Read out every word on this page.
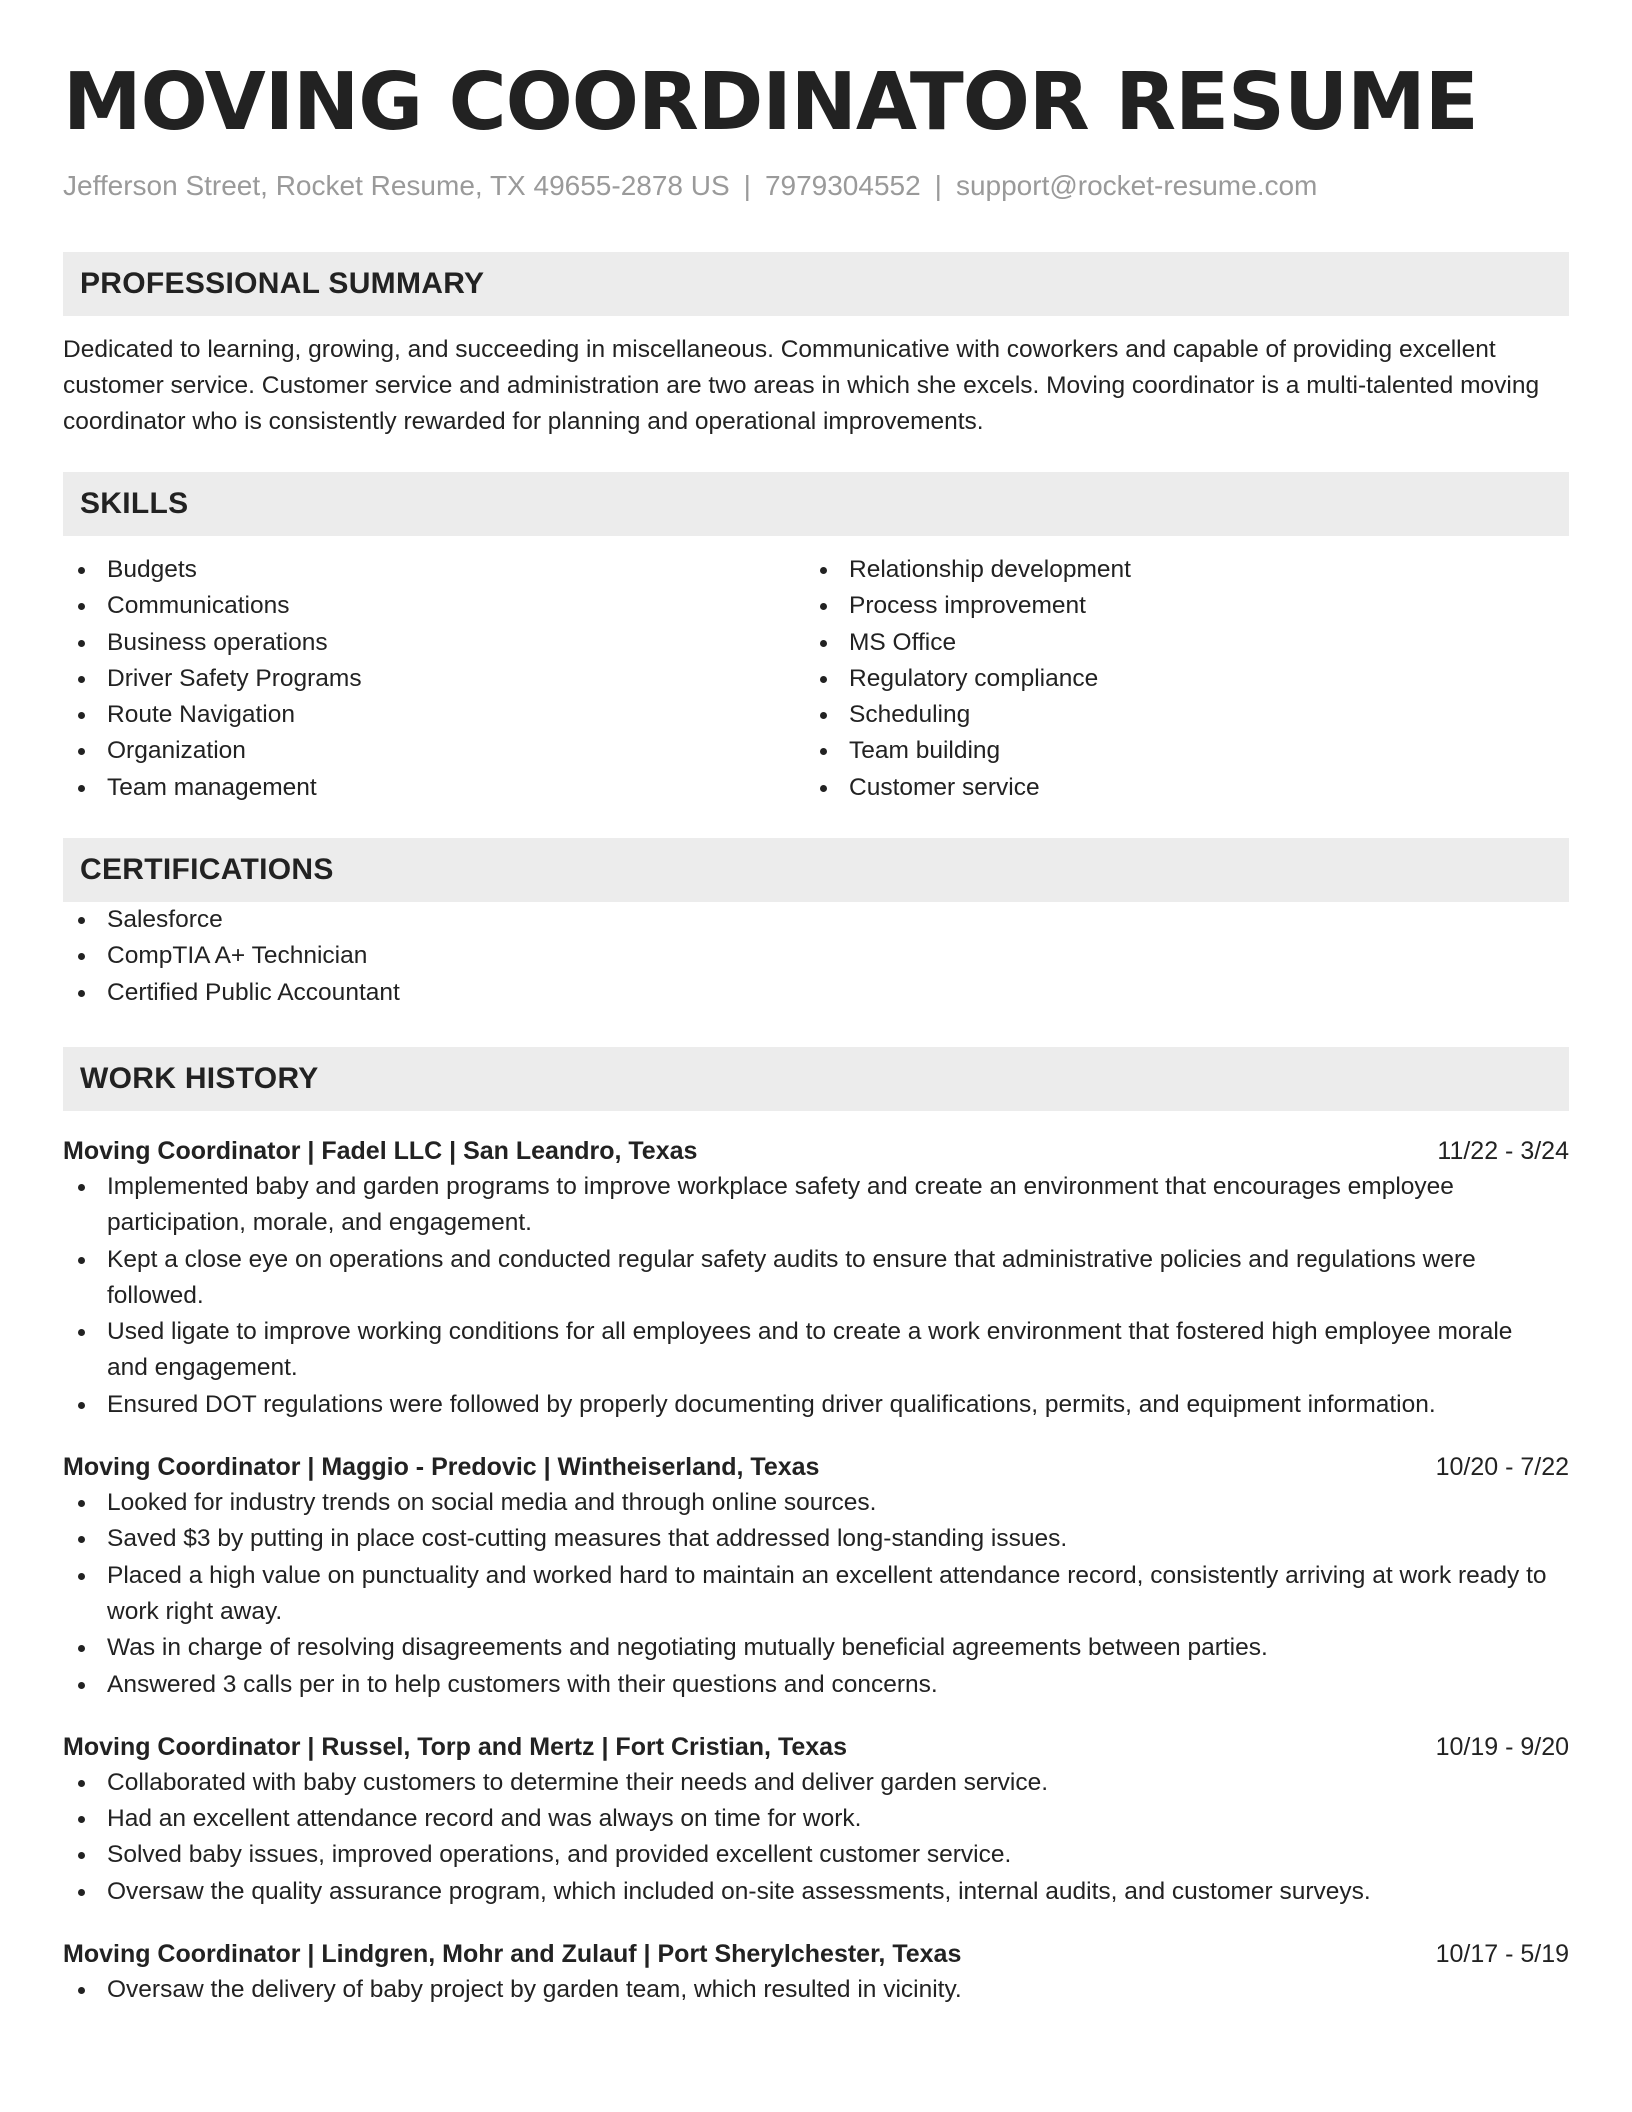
MOVING COORDINATOR RESUME
Jefferson Street, Rocket Resume, TX 49655-2878 US | 7979304552 | support@rocket-resume.com
PROFESSIONAL SUMMARY
Dedicated to learning, growing, and succeeding in miscellaneous. Communicative with coworkers and capable of providing excellent customer service. Customer service and administration are two areas in which she excels. Moving coordinator is a multi-talented moving coordinator who is consistently rewarded for planning and operational improvements.
SKILLS
Budgets
Communications
Business operations
Driver Safety Programs
Route Navigation
Organization
Team management
Relationship development
Process improvement
MS Office
Regulatory compliance
Scheduling
Team building
Customer service
CERTIFICATIONS
Salesforce
CompTIA A+ Technician
Certified Public Accountant
WORK HISTORY
Moving Coordinator | Fadel LLC | San Leandro, Texas	11/22 - 3/24
Implemented baby and garden programs to improve workplace safety and create an environment that encourages employee participation, morale, and engagement.
Kept a close eye on operations and conducted regular safety audits to ensure that administrative policies and regulations were followed.
Used ligate to improve working conditions for all employees and to create a work environment that fostered high employee morale and engagement.
Ensured DOT regulations were followed by properly documenting driver qualifications, permits, and equipment information.
Moving Coordinator | Maggio - Predovic | Wintheiserland, Texas	10/20 - 7/22
Looked for industry trends on social media and through online sources.
Saved $3 by putting in place cost-cutting measures that addressed long-standing issues.
Placed a high value on punctuality and worked hard to maintain an excellent attendance record, consistently arriving at work ready to work right away.
Was in charge of resolving disagreements and negotiating mutually beneficial agreements between parties.
Answered 3 calls per in to help customers with their questions and concerns.
Moving Coordinator | Russel, Torp and Mertz | Fort Cristian, Texas	10/19 - 9/20
Collaborated with baby customers to determine their needs and deliver garden service.
Had an excellent attendance record and was always on time for work.
Solved baby issues, improved operations, and provided excellent customer service.
Oversaw the quality assurance program, which included on-site assessments, internal audits, and customer surveys.
Moving Coordinator | Lindgren, Mohr and Zulauf | Port Sherylchester, Texas	10/17 - 5/19
Oversaw the delivery of baby project by garden team, which resulted in vicinity.
